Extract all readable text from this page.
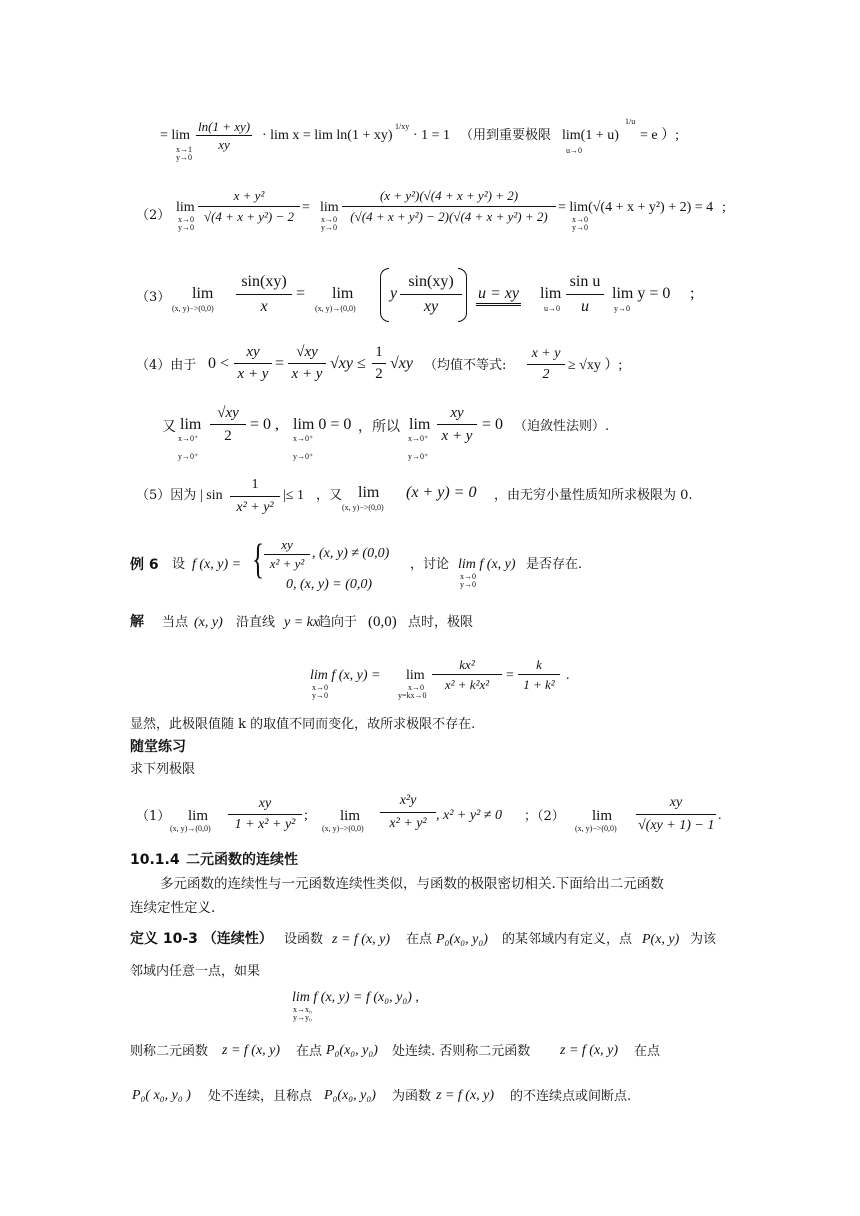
= lim
x→1
y→0
$\frac{\ln(1 + xy)}{xy} \cdot \lim x = \lim \ln(1 + xy)$
1/xy
· 1 = 1 （用到重要极限 lim(1 + u)
u→0
1/u
= e ）;
（2）
lim
x→0
y→0
$\frac{\text{x + y²}}{\text{√(4 + x + y²) − 2}} = \lim$
x→0
y→0
$\frac{\text{(x + y²)(√(4 + x + y²) + 2)}}{\text{(√(4 + x + y²) − 2)(√(4 + x + y²) + 2)}} = \lim(√(4 + x + y^2) + 2) = 4$
x→0
y→0
;
（3） lim
(x, $y)->(0,0) \frac{\sin(xy)}{x} = \lim$
(x, y)→(0,0)
y $\frac{\sin(xy)}{xy}$ u = xy lim
$u\to 0 \frac{\text{sin u}}{u}$ lim y = 0
y→0
;
（4）由于 $0 < \frac{xy}{x + y} = \frac{√xy}{x + y} √xy \le \frac{1}{2} √xy$ （均值不等式: $\frac{x + y}{2} \ge √xy$ ）;
又 lim
x→0⁺
y→0⁺
$\frac{√xy}{2} = 0$ , lim 0 = 0
x→0⁺
y→0⁺
，所以 lim
x→0⁺
y→0⁺
$\frac{xy}{x + y} = 0$ （迫敛性法则）.
（5）因为 | $\sin \frac{1}{\text{x² + y²}}$ |≤ 1 ，又 lim
(x, y)−>(0,0)
(x + y) = 0 ，由无穷小量性质知所求极限为 0.
例 6 设 f (x, y) = { $\frac{xy}{\text{x² + y²}}$ , (x, y) ≠ (0,0)
0, (x, y) = (0,0)
，讨论 lim f (x, y)
x→0
y→0
是否存在.
解 当点 (x, y) 沿直线 y = kx
趋向于 (0,0) 点时，极限
lim f (x, y) =
x→0
y→0
lim
x→0
y=kx→0
$\frac{\text{kx²}}{\text{x² + k²x²}} = \frac{k}{\text{1 + k²}}$ .
显然，此极限值随 k 的取值不同而变化，故所求极限不存在.
随堂练习
求下列极限
（1） lim
(x, $y)\to(0,0) \frac{xy}{\text{1 + x² + y²}}$ ; lim
(x, $y)->(0,0) \frac{\text{x²y}}{\text{x² + y²}}$ , x² + y² ≠ 0 ；（2） lim
(x, $y)->(0,0) \frac{xy}{√(xy + 1) - 1}$ .
10.1.4 二元函数的连续性
多元函数的连续性与一元函数连续性类似，与函数的极限密切相关.下面给出二元函数
连续定性定义.
定义 10-3 （连续性） 设函数 z = f (x, y) 在点 P₀(x₀, y₀) 的某邻域内有定义，点 P(x, y) 为该
邻域内任意一点，如果
lim f (x, y) = f (x₀, y₀) ,
x→x₀
y→y₀
则称二元函数 z = f (x, y) 在点 P₀(x₀, y₀) 处连续. 否则称二元函数 z = f (x, y) 在点
P₀( x₀, y₀ ) 处不连续，且称点 P₀(x₀, y₀) 为函数 z = f (x, y) 的不连续点或间断点.
